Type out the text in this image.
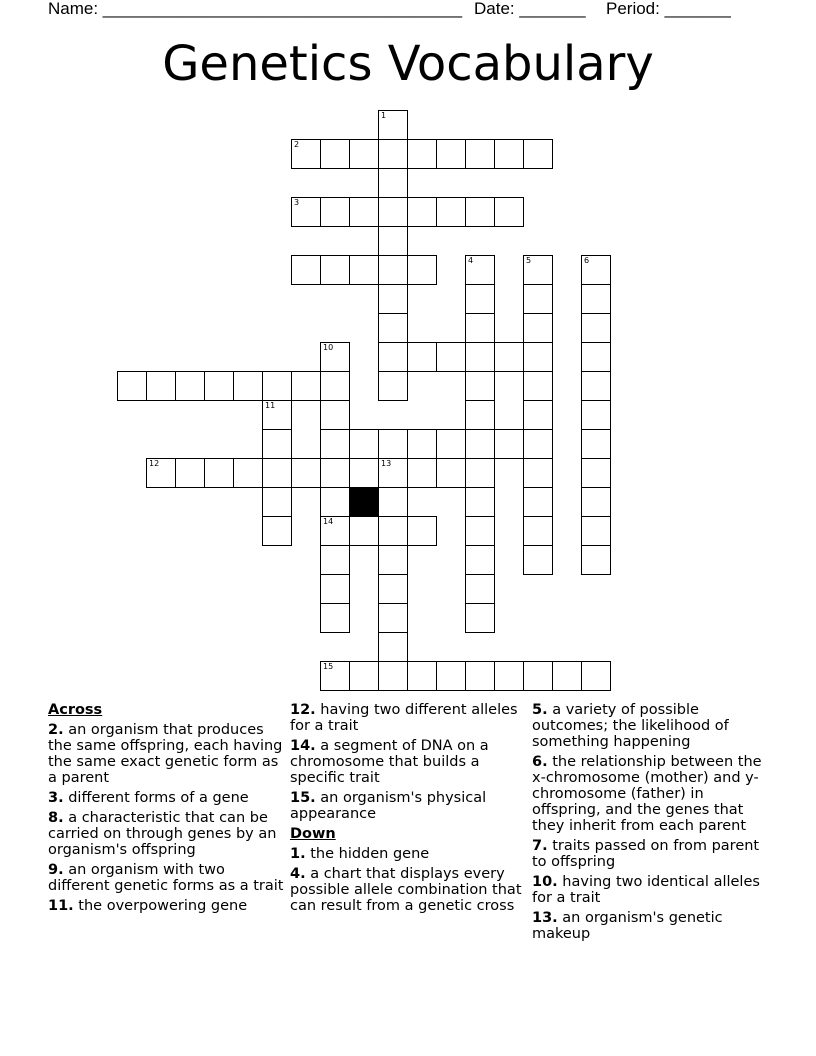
Name: ______________________________________ Date: _______ Period: _______
Genetics Vocabulary
12	13
11
10
14
1
2
3
4	5	6
15
Across
2. an organism that produces the same offspring, each having the same exact genetic form as a parent
3. different forms of a gene
8. a characteristic that can be carried on through genes by an organism's offspring
9. an organism with two different genetic forms as a trait
11. the overpowering gene
12. having two different alleles for a trait
14. a segment of DNA on a chromosome that builds a specific trait
15. an organism's physical appearance
Down
1. the hidden gene
4. a chart that displays every possible allele combination that can result from a genetic cross
5. a variety of possible outcomes; the likelihood of something happening
6. the relationship between the x-chromosome (mother) and y-chromosome (father) in offspring, and the genes that they inherit from each parent
7. traits passed on from parent to offspring
10. having two identical alleles for a trait
13. an organism's genetic makeup
